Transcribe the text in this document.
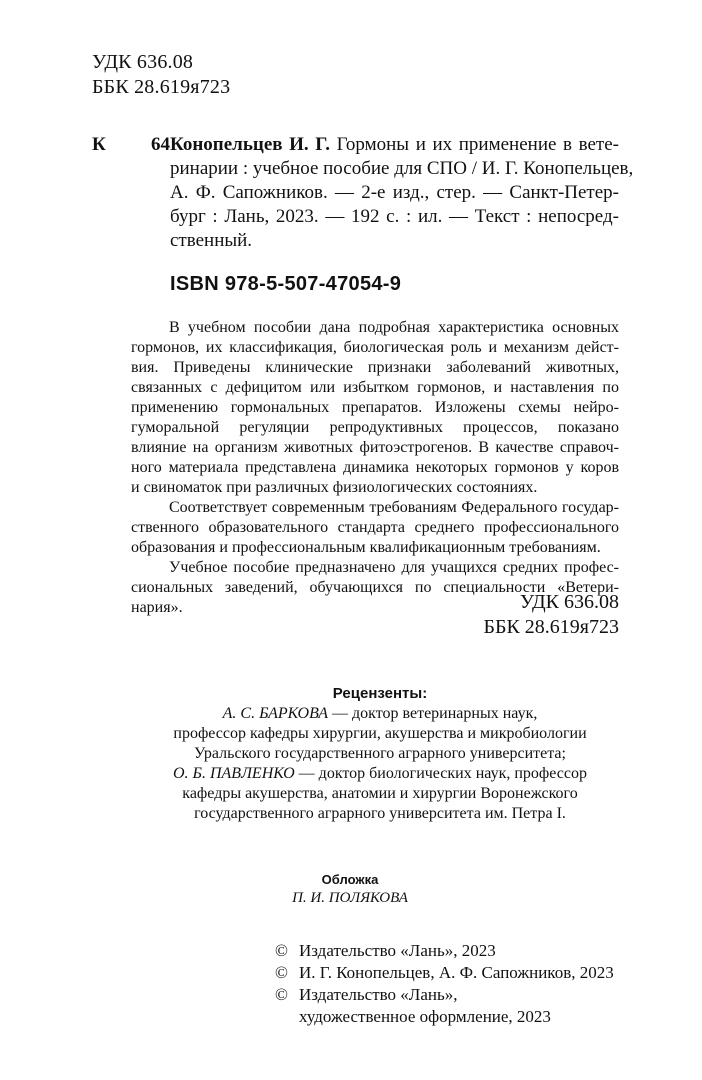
УДК 636.08
ББК 28.619я723
К 64Конопельцев И. Г. Гормоны и их применение в вете-
ринарии : учебное пособие для СПО / И. Г. Конопельцев,
А. Ф. Сапожников. — 2-е изд., стер. — Санкт-Петер-
бург : Лань, 2023. — 192 с. : ил. — Текст : непосред-
ственный.
ISBN 978-5-507-47054-9
В учебном пособии дана подробная характеристика основных
гормонов, их классификация, биологическая роль и механизм дейст-
вия. Приведены клинические признаки заболеваний животных,
связанных с дефицитом или избытком гормонов, и наставления по
применению гормональных препаратов. Изложены схемы нейро-
гуморальной регуляции репродуктивных процессов, показано
влияние на организм животных фитоэстрогенов. В качестве справоч-
ного материала представлена динамика некоторых гормонов у коров
и свиноматок при различных физиологических состояниях.
Соответствует современным требованиям Федерального государ-
ственного образовательного стандарта среднего профессионального
образования и профессиональным квалификационным требованиям.
Учебное пособие предназначено для учащихся средних профес-
сиональных заведений, обучающихся по специальности «Ветери-
нария».	УДК 636.08
ББК 28.619я723
Рецензенты:
А. С. БАРКОВА — доктор ветеринарных наук,
профессор кафедры хирургии, акушерства и микробиологии
Уральского государственного аграрного университета;
О. Б. ПАВЛЕНКО — доктор биологических наук, профессор
кафедры акушерства, анатомии и хирургии Воронежского
государственного аграрного университета им. Петра I.
Обложка
П. И. ПОЛЯКОВА
© Издательство «Лань», 2023
© И. Г. Конопельцев, А. Ф. Сапожников, 2023
© Издательство «Лань»,
художественное оформление, 2023
